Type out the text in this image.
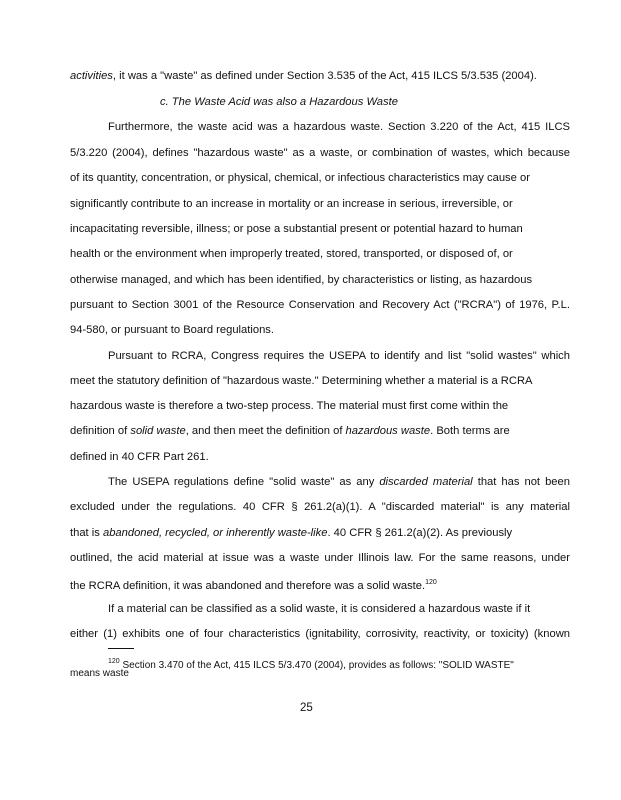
activities, it was a "waste" as defined under Section 3.535 of the Act, 415 ILCS 5/3.535 (2004).
c. The Waste Acid was also a Hazardous Waste
Furthermore, the waste acid was a hazardous waste. Section 3.220 of the Act, 415 ILCS
5/3.220 (2004), defines "hazardous waste" as a waste, or combination of wastes, which because
of its quantity, concentration, or physical, chemical, or infectious characteristics may cause or
significantly contribute to an increase in mortality or an increase in serious, irreversible, or
incapacitating reversible, illness; or pose a substantial present or potential hazard to human
health or the environment when improperly treated, stored, transported, or disposed of, or
otherwise managed, and which has been identified, by characteristics or listing, as hazardous
pursuant to Section 3001 of the Resource Conservation and Recovery Act ("RCRA") of 1976, P.L.
94-580, or pursuant to Board regulations.
Pursuant to RCRA, Congress requires the USEPA to identify and list "solid wastes" which
meet the statutory definition of "hazardous waste." Determining whether a material is a RCRA
hazardous waste is therefore a two-step process. The material must first come within the
definition of solid waste, and then meet the definition of hazardous waste. Both terms are
defined in 40 CFR Part 261.
The USEPA regulations define "solid waste" as any discarded material that has not been
excluded under the regulations. 40 CFR § 261.2(a)(1). A "discarded material" is any material
that is abandoned, recycled, or inherently waste-like. 40 CFR § 261.2(a)(2). As previously
outlined, the acid material at issue was a waste under Illinois law. For the same reasons, under
the RCRA definition, it was abandoned and therefore was a solid waste.$^{120}$
If a material can be classified as a solid waste, it is considered a hazardous waste if it
either (1) exhibits one of four characteristics (ignitability, corrosivity, reactivity, or toxicity) (known
$^{120}$ Section 3.470 of the Act, 415 ILCS 5/3.470 (2004), provides as follows: "SOLID WASTE"
means waste
25
